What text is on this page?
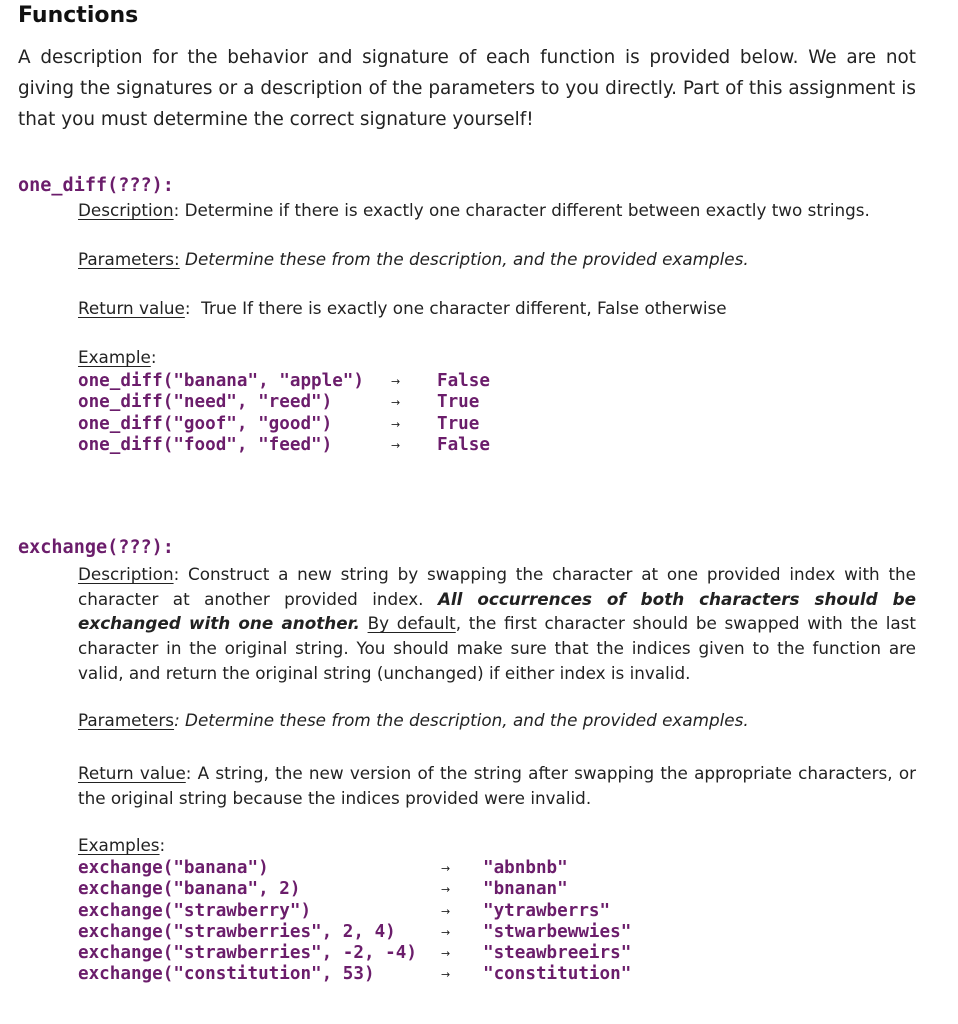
Functions
A description for the behavior and signature of each function is provided below. We are not giving the signatures or a description of the parameters to you directly. Part of this assignment is that you must determine the correct signature yourself!
one_diff(???):
Description: Determine if there is exactly one character different between exactly two strings.
Parameters: Determine these from the description, and the provided examples.
Return value:  True If there is exactly one character different, False otherwise
Example:
one_diff("banana", "apple") → False
one_diff("need", "reed")	→ True
one_diff("goof", "good")	→ True
one_diff("food", "feed")	→ False
exchange(???):
Description: Construct a new string by swapping the character at one provided index with the character at another provided index. All occurrences of both characters should be exchanged with one another. By default, the first character should be swapped with the last character in the original string. You should make sure that the indices given to the function are valid, and return the original string (unchanged) if either index is invalid.
Parameters: Determine these from the description, and the provided examples.
Return value: A string, the new version of the string after swapping the appropriate characters, or the original string because the indices provided were invalid.
Examples:
exchange("banana")	→ "abnbnb"
exchange("banana", 2)	→ "bnanan"
exchange("strawberry")	→ "ytrawberrs"
exchange("strawberries", 2, 4)	→ "stwarbewwies"
exchange("strawberries", -2, -4) → "steawbreeirs"
exchange("constitution", 53)	→ "constitution"
